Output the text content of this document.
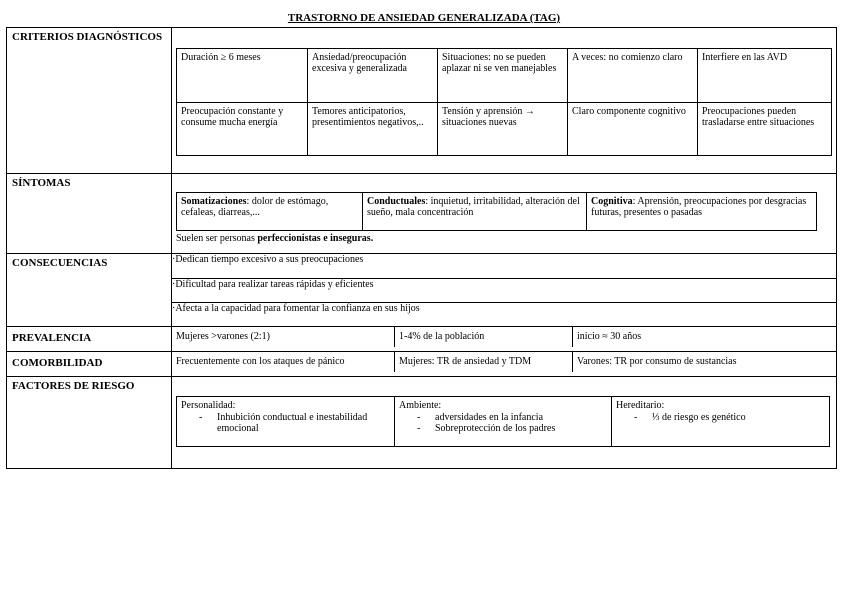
TRASTORNO DE ANSIEDAD GENERALIZADA (TAG)
CRITERIOS DIAGNÓSTICOS	
Duración ≥ 6 meses	Ansiedad/preocupación excesiva y generalizada	Situaciones: no se pueden aplazar ni se ven manejables	A veces: no comienzo claro	Interfiere en las AVD
Preocupación constante y consume mucha energía	Temores anticipatorios, presentimientos negativos,..	Tensión y aprensión → situaciones nuevas	Claro componente cognitivo	Preocupaciones pueden trasladarse entre situaciones

SÍNTOMAS	
Somatizaciones: dolor de estómago, cefaleas, diarreas,...	Conductuales: inquietud, irritabilidad, alteración del sueño, mala concentración	Cognitiva: Aprensión, preocupaciones por desgracias futuras, presentes o pasadas
Suelen ser personas perfeccionistas e inseguras.

CONSECUENCIAS	·Dedican tiempo excesivo a sus preocupaciones
·Dificultad para realizar tareas rápidas y eficientes
·Afecta a la capacidad para fomentar la confianza en sus hijos
PREVALENCIA	Mujeres >varones (2:1)	1-4% de la población	inicio ≈ 30 años

COMORBILIDAD	Frecuentemente con los ataques de pánico	Mujeres: TR de ansiedad y TDM	Varones: TR por consumo de sustancias

FACTORES DE RIESGO	
Personalidad:
- Inhubición conductual e inestabilidad emocional

Ambiente:
- adversidades en la infancia
- Sobreprotección de los padres

Hereditario:
- ⅓ de riesgo es genético
